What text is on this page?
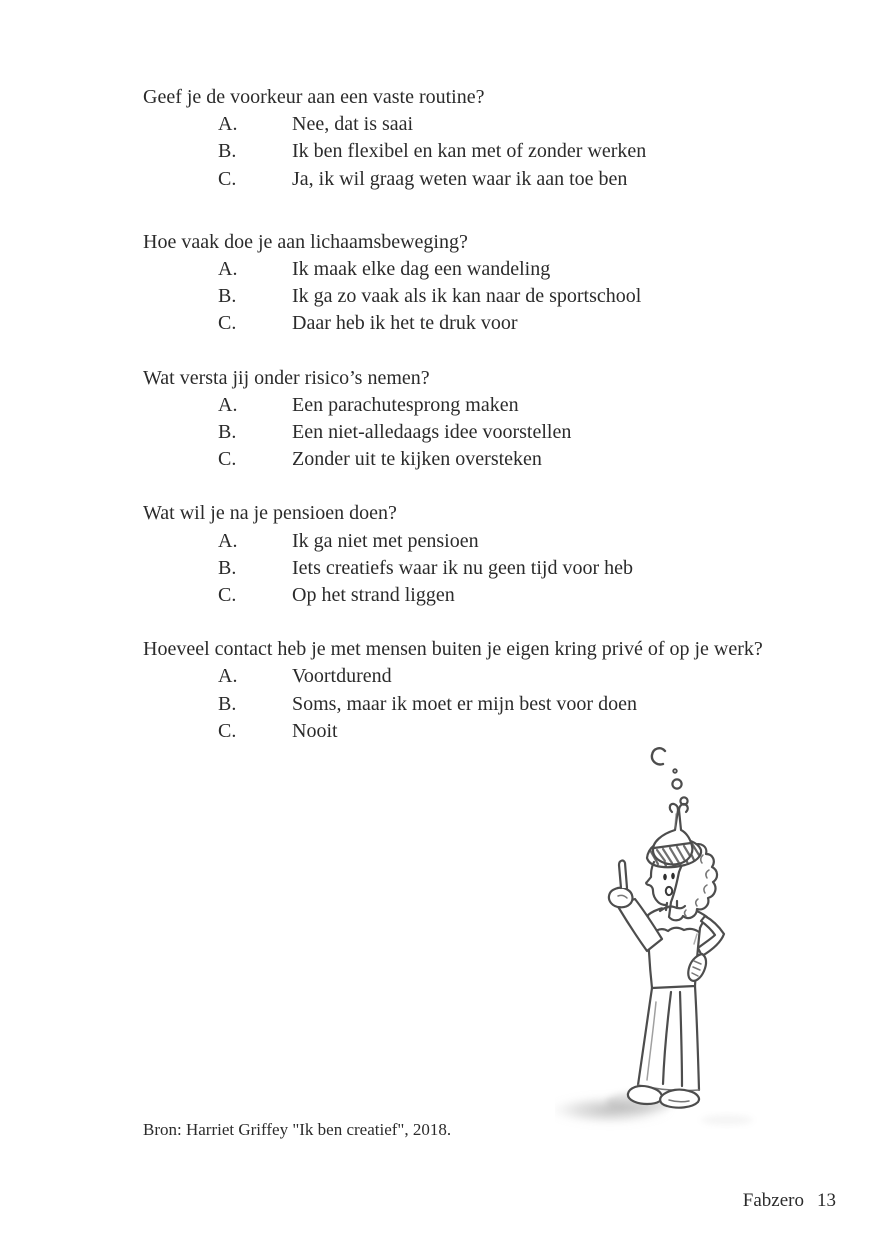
Geef je de voorkeur aan een vaste routine?

A.	Nee, dat is saai
B.	Ik ben flexibel en kan met of zonder werken
C.	Ja, ik wil graag weten waar ik aan toe ben

Hoe vaak doe je aan lichaamsbeweging?

A.	Ik maak elke dag een wandeling
B.	Ik ga zo vaak als ik kan naar de sportschool
C.	Daar heb ik het te druk voor

Wat versta jij onder risico’s nemen?

A.	Een parachutesprong maken
B.	Een niet-alledaags idee voorstellen
C.	Zonder uit te kijken oversteken

Wat wil je na je pensioen doen?

A.	Ik ga niet met pensioen
B.	Iets creatiefs waar ik nu geen tijd voor heb
C.	Op het strand liggen

Hoeveel contact heb je met mensen buiten je eigen kring privé of op je werk?

A.	Voortdurend
B.	Soms, maar ik moet er mijn best voor doen
C.	Nooit
Bron: Harriet Griffey "Ik ben creatief", 2018.
Fabzero 13
